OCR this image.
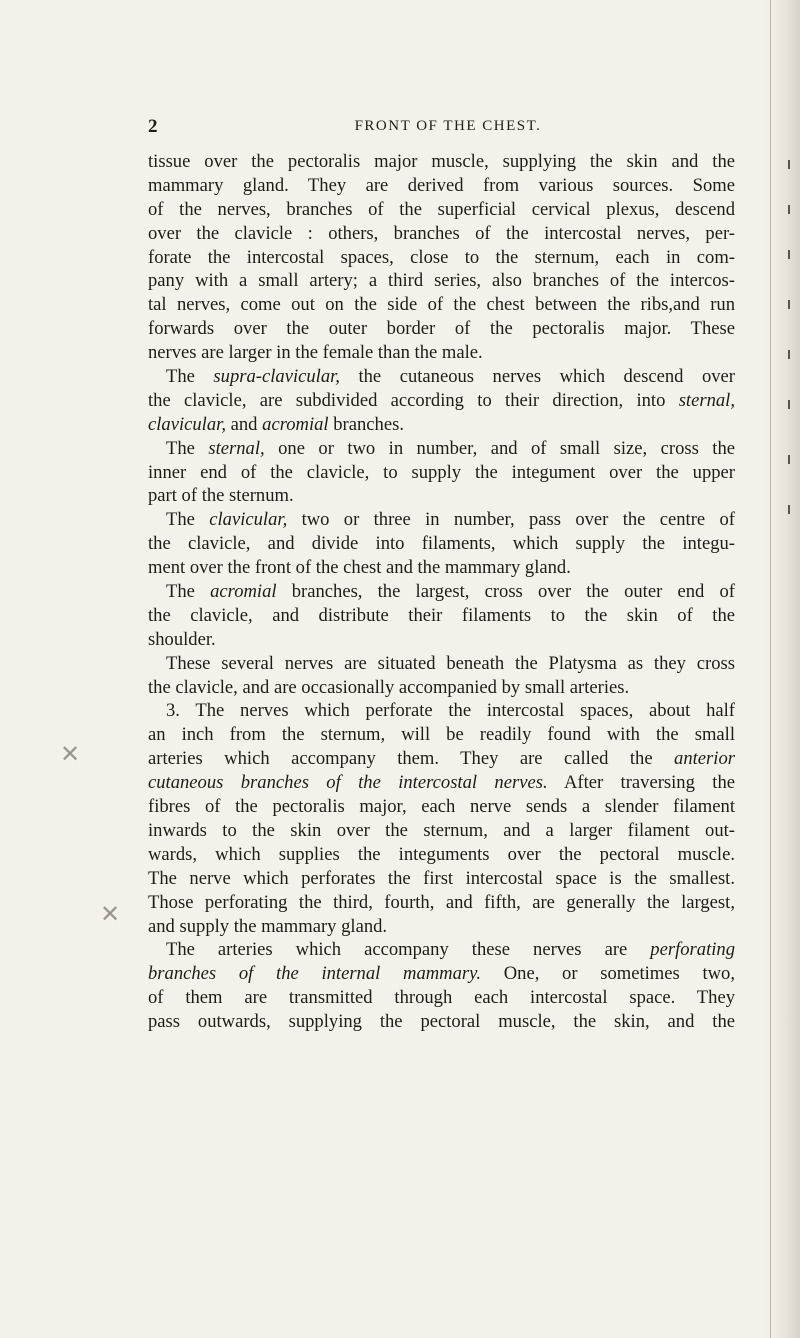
✕
✕
2	FRONT OF THE CHEST.
tissue over the pectoralis major muscle, supplying the skin and the
mammary gland. They are derived from various sources. Some
of the nerves, branches of the superficial cervical plexus, descend
over the clavicle : others, branches of the intercostal nerves, per-
forate the intercostal spaces, close to the sternum, each in com-
pany with a small artery; a third series, also branches of the intercos-
tal nerves, come out on the side of the chest between the ribs,and run
forwards over the outer border of the pectoralis major. These
nerves are larger in the female than the male.
The supra-clavicular, the cutaneous nerves which descend over
the clavicle, are subdivided according to their direction, into sternal,
clavicular, and acromial branches.
The sternal, one or two in number, and of small size, cross the
inner end of the clavicle, to supply the integument over the upper
part of the sternum.
The clavicular, two or three in number, pass over the centre of
the clavicle, and divide into filaments, which supply the integu-
ment over the front of the chest and the mammary gland.
The acromial branches, the largest, cross over the outer end of
the clavicle, and distribute their filaments to the skin of the
shoulder.
These several nerves are situated beneath the Platysma as they cross
the clavicle, and are occasionally accompanied by small arteries.
3. The nerves which perforate the intercostal spaces, about half
an inch from the sternum, will be readily found with the small
arteries which accompany them. They are called the anterior
cutaneous branches of the intercostal nerves. After traversing the
fibres of the pectoralis major, each nerve sends a slender filament
inwards to the skin over the sternum, and a larger filament out-
wards, which supplies the integuments over the pectoral muscle.
The nerve which perforates the first intercostal space is the smallest.
Those perforating the third, fourth, and fifth, are generally the largest,
and supply the mammary gland.
The arteries which accompany these nerves are perforating
branches of the internal mammary. One, or sometimes two,
of them are transmitted through each intercostal space. They
pass outwards, supplying the pectoral muscle, the skin, and the
